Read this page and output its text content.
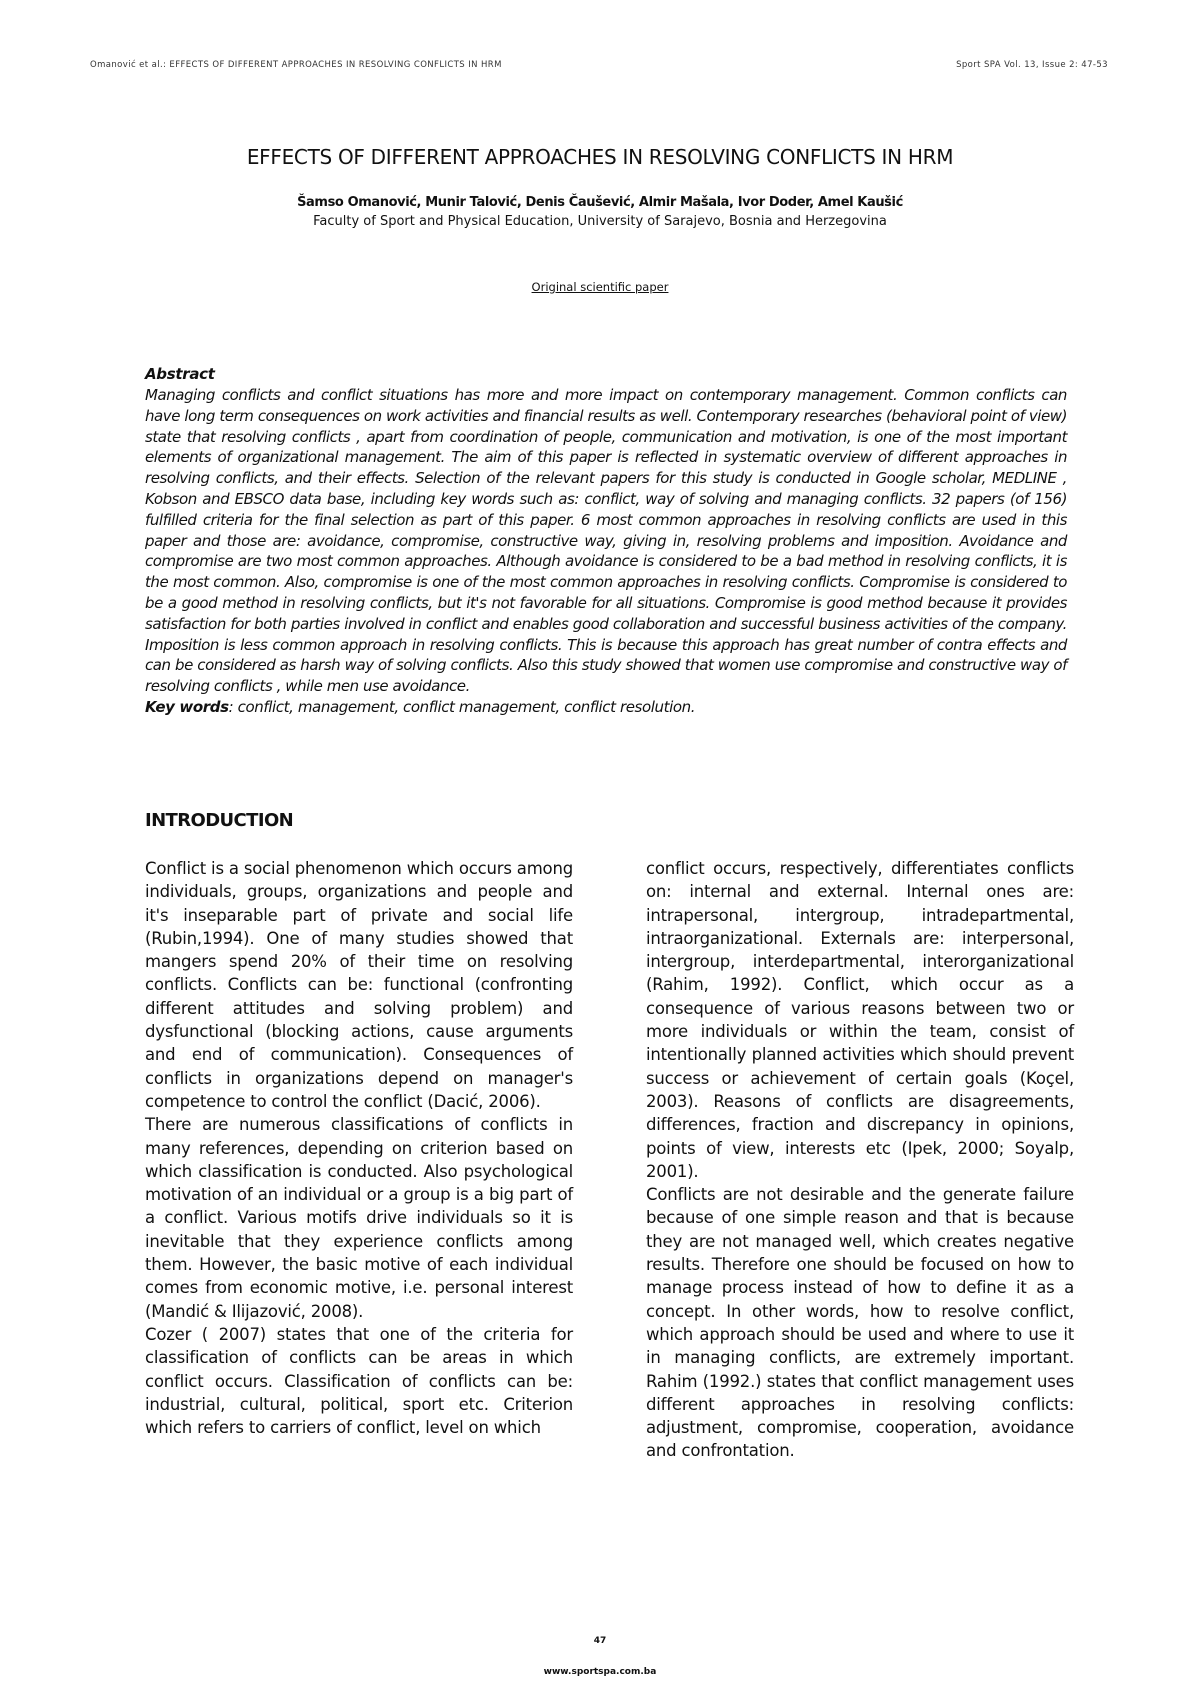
Omanović et al.: EFFECTS OF DIFFERENT APPROACHES IN RESOLVING CONFLICTS IN HRM	Sport SPA Vol. 13, Issue 2: 47-53
EFFECTS OF DIFFERENT APPROACHES IN RESOLVING CONFLICTS IN HRM
Šamso Omanović, Munir Talović, Denis Čaušević, Almir Mašala, Ivor Doder, Amel Kaušić
Faculty of Sport and Physical Education, University of Sarajevo, Bosnia and Herzegovina
Original scientific paper

Abstract

Managing conflicts and conflict situations has more and more impact on contemporary management. Common conflicts can have long term consequences on work activities and financial results as well. Contemporary researches (behavioral point of view) state that resolving conflicts , apart from coordination of people, communication and motivation, is one of the most important elements of organizational management. The aim of this paper is reflected in systematic overview of different approaches in resolving conflicts, and their effects. Selection of the relevant papers for this study is conducted in Google scholar, MEDLINE , Kobson and EBSCO data base, including key words such as: conflict, way of solving and managing conflicts. 32 papers (of 156) fulfilled criteria for the final selection as part of this paper. 6 most common approaches in resolving conflicts are used in this paper and those are: avoidance, compromise, constructive way, giving in, resolving problems and imposition. Avoidance and compromise are two most common approaches. Although avoidance is considered to be a bad method in resolving conflicts, it is the most common. Also, compromise is one of the most common approaches in resolving conflicts. Compromise is considered to be a good method in resolving conflicts, but it's not favorable for all situations. Compromise is good method because it provides satisfaction for both parties involved in conflict and enables good collaboration and successful business activities of the company. Imposition is less common approach in resolving conflicts. This is because this approach has great number of contra effects and can be considered as harsh way of solving conflicts. Also this study showed that women use compromise and constructive way of resolving conflicts , while men use avoidance.

Key words: conflict, management, conflict management, conflict resolution.

INTRODUCTION

Conflict is a social phenomenon which occurs among individuals, groups, organizations and people and it's inseparable part of private and social life (Rubin,1994). One of many studies showed that mangers spend 20% of their time on resolving conflicts. Conflicts can be: functional (confronting different attitudes and solving problem) and dysfunctional (blocking actions, cause arguments and end of communication). Consequences of conflicts in organizations depend on manager's competence to control the conflict (Dacić, 2006).

There are numerous classifications of conflicts in many references, depending on criterion based on which classification is conducted. Also psychological motivation of an individual or a group is a big part of a conflict. Various motifs drive individuals so it is inevitable that they experience conflicts among them. However, the basic motive of each individual comes from economic motive, i.e. personal interest (Mandić & Ilijazović, 2008).

Cozer ( 2007) states that one of the criteria for classification of conflicts can be areas in which conflict occurs. Classification of conflicts can be: industrial, cultural, political, sport etc. Criterion which refers to carriers of conflict, level on which

conflict occurs, respectively, differentiates conflicts on: internal and external. Internal ones are: intrapersonal, intergroup, intradepartmental, intraorganizational. Externals are: interpersonal, intergroup, interdepartmental, interorganizational (Rahim, 1992). Conflict, which occur as a consequence of various reasons between two or more individuals or within the team, consist of intentionally planned activities which should prevent success or achievement of certain goals (Koçel, 2003). Reasons of conflicts are disagreements, differences, fraction and discrepancy in opinions, points of view, interests etc (Ipek, 2000; Soyalp, 2001).

Conflicts are not desirable and the generate failure because of one simple reason and that is because they are not managed well, which creates negative results. Therefore one should be focused on how to manage process instead of how to define it as a concept. In other words, how to resolve conflict, which approach should be used and where to use it in managing conflicts, are extremely important. Rahim (1992.) states that conflict management uses different approaches in resolving conflicts: adjustment, compromise, cooperation, avoidance and confrontation.

47
www.sportspa.com.ba
